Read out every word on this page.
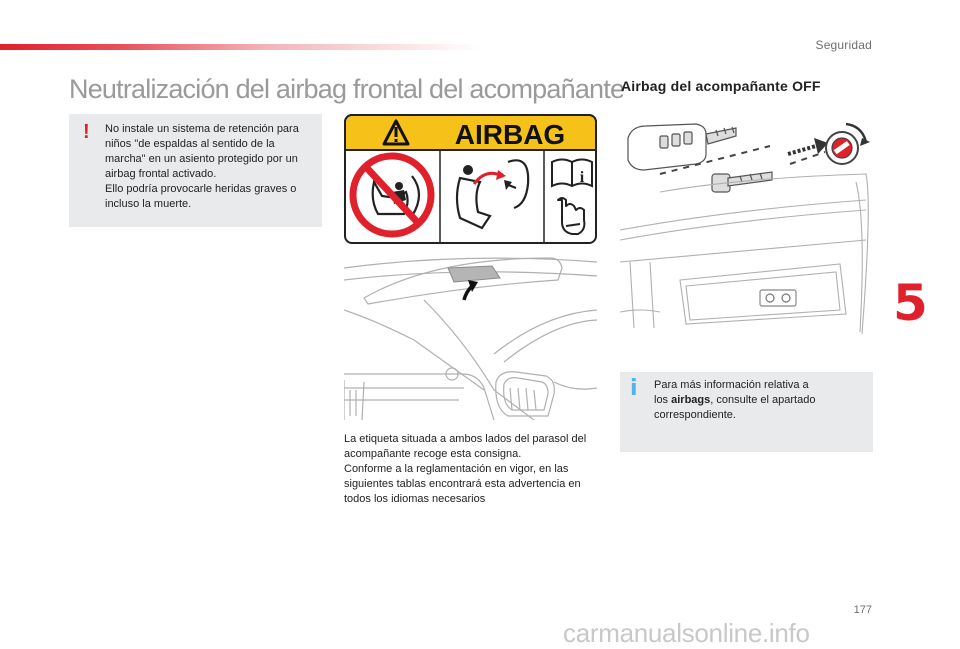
Seguridad
5
Neutralización del airbag frontal del acompañante
! No instale un sistema de retención para niños "de espaldas al sentido de la marcha" en un asiento protegido por un airbag frontal activado.
Ello podría provocarle heridas graves o incluso la muerte.
AIRBAG
i
La etiqueta situada a ambos lados del parasol del acompañante recoge esta consigna.
Conforme a la reglamentación en vigor, en las siguientes tablas encontrará esta advertencia en todos los idiomas necesarios
Airbag del acompañante OFF
i Para más información relativa a
los airbags, consulte el apartado correspondiente.
177
carmanualsonline.info
